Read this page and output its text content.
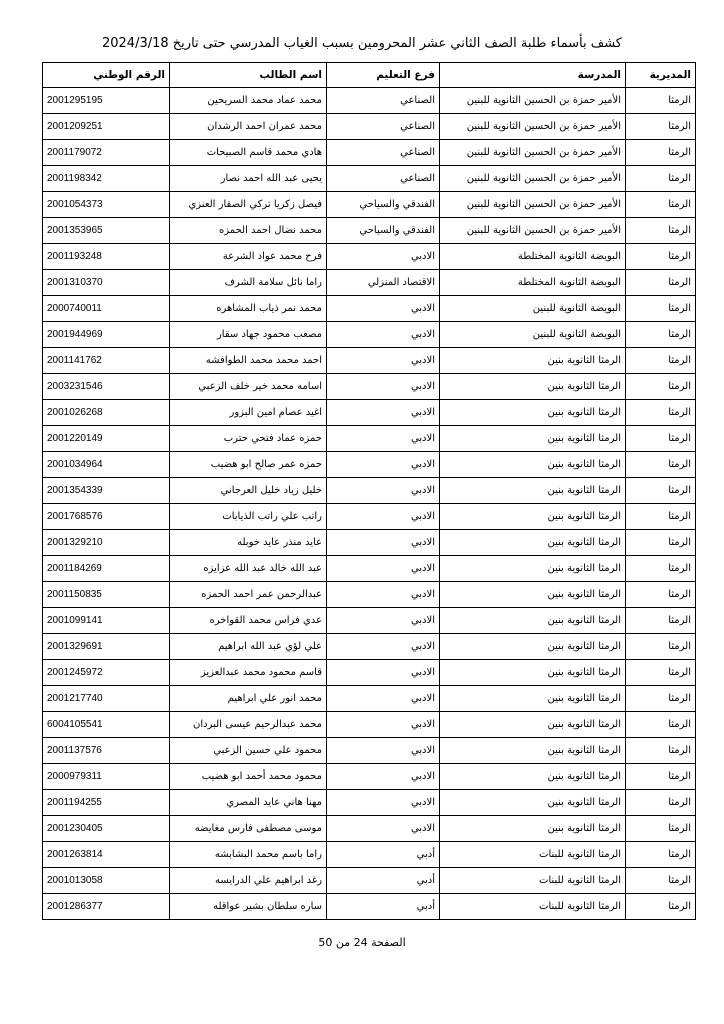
كشف بأسماء طلبة الصف الثاني عشر المحرومين بسبب الغياب المدرسي حتى تاريخ 2024/3/18
المديرية	المدرسة	فرع التعليم	اسم الطالب	الرقم الوطني
الرمثا	الأمير حمزة بن الحسين الثانوية للبنين	الصناعي	محمد عماد محمد السريحين	2001295195
الرمثا	الأمير حمزة بن الحسين الثانوية للبنين	الصناعي	محمد عمران احمد الرشدان	2001209251
الرمثا	الأمير حمزة بن الحسين الثانوية للبنين	الصناعي	هادي محمد قاسم الصبيحات	2001179072
الرمثا	الأمير حمزة بن الحسين الثانوية للبنين	الصناعي	يحيى عبد الله احمد نصار	2001198342
الرمثا	الأمير حمزة بن الحسين الثانوية للبنين	الفندقي والسياحي	فيصل زكريا تركي الصقار العنزي	2001054373
الرمثا	الأمير حمزة بن الحسين الثانوية للبنين	الفندقي والسياحي	محمد نضال احمد الحمزه	2001353965
الرمثا	البويضة الثانوية المختلطة	الادبي	فرح محمد عواد الشرعة	2001193248
الرمثا	البويضة الثانوية المختلطة	الاقتصاد المنزلي	راما نائل سلامة الشرف	2001310370
الرمثا	البويضة الثانوية للبنين	الادبي	محمد نمر ذياب المشاهره	2000740011
الرمثا	البويضة الثانوية للبنين	الادبي	مصعب محمود جهاد سقار	2001944969
الرمثا	الرمثا الثانوية بنين	الادبي	احمد محمد محمد الطوافشه	2001141762
الرمثا	الرمثا الثانوية بنين	الادبي	اسامه محمد خير خلف الزعبي	2003231546
الرمثا	الرمثا الثانوية بنين	الادبي	اغيد عصام امين البزور	2001026268
الرمثا	الرمثا الثانوية بنين	الادبي	حمزه عماد فتحي حترب	2001220149
الرمثا	الرمثا الثانوية بنين	الادبي	حمزه عمر صالح ابو هضيب	2001034964
الرمثا	الرمثا الثانوية بنين	الادبي	خليل زياد خليل العرجاني	2001354339
الرمثا	الرمثا الثانوية بنين	الادبي	راتب علي راتب الذيابات	2001768576
الرمثا	الرمثا الثانوية بنين	الادبي	عايد منذر عايد خوبله	2001329210
الرمثا	الرمثا الثانوية بنين	الادبي	عبد الله خالد عبد الله عزايزه	2001184269
الرمثا	الرمثا الثانوية بنين	الادبي	عبدالرحمن عمر احمد الحمزه	2001150835
الرمثا	الرمثا الثانوية بنين	الادبي	عدي فراس محمد القواخره	2001099141
الرمثا	الرمثا الثانوية بنين	الادبي	علي لؤي عبد الله ابراهيم	2001329691
الرمثا	الرمثا الثانوية بنين	الادبي	قاسم محمود محمد عبدالعزيز	2001245972
الرمثا	الرمثا الثانوية بنين	الادبي	محمد انور علي ابراهيم	2001217740
الرمثا	الرمثا الثانوية بنين	الادبي	محمد عبدالرحيم عيسى البردان	6004105541
الرمثا	الرمثا الثانوية بنين	الادبي	محمود علي حسين الزعبي	2001137576
الرمثا	الرمثا الثانوية بنين	الادبي	محمود محمد أحمد ابو هضيب	2000979311
الرمثا	الرمثا الثانوية بنين	الادبي	مهنا هاني عايد المصري	2001194255
الرمثا	الرمثا الثانوية بنين	الادبي	موسى مصطفى فارس مغايضه	2001230405
الرمثا	الرمثا الثانوية للبنات	أدبي	راما باسم محمد البشابشه	2001263814
الرمثا	الرمثا الثانوية للبنات	أدبي	رغد ابراهيم علي الدرايسه	2001013058
الرمثا	الرمثا الثانوية للبنات	أدبي	ساره سلطان بشير عواقله	2001286377
الصفحة 24 من 50
